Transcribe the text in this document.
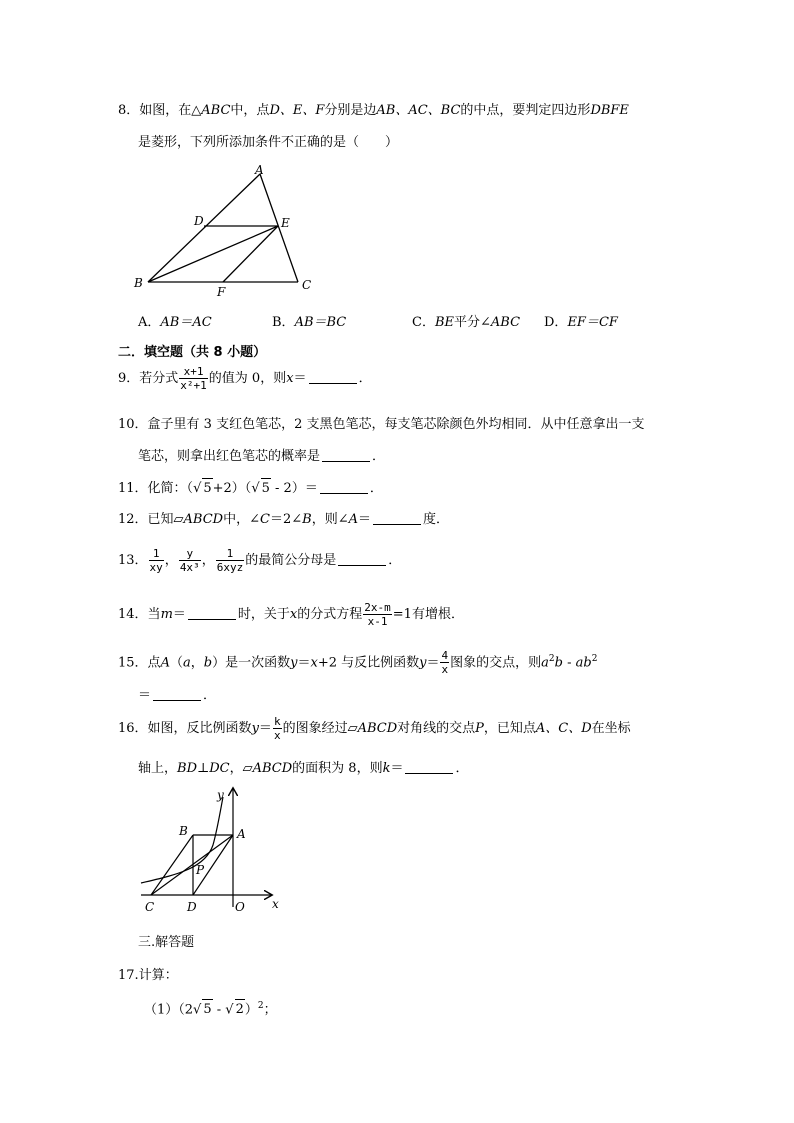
8．如图，在△ABC中，点D、E、F分别是边AB、AC、BC的中点，要判定四边形DBFE
是菱形，下列所添加条件不正确的是（　　）
A
B	C
D	E
F
A．AB＝AC	B．AB＝BC	C．BE平分∠ABC D．EF＝CF
二．填空题（共 8 小题）
9．若分式 $\frac{x+1}{\text{x²+1}}$ 的值为 0，则x＝	．
10．盒子里有 3 支红色笔芯，2 支黑色笔芯，每支笔芯除颜色外均相同．从中任意拿出一支
笔芯，则拿出红色笔芯的概率是	．
11．化简：（√ 5+2）（√ 5 - 2）＝	．
12．已知▱ABCD中，∠C＝2∠B，则∠A＝	度．
13． $\frac{1}{xy}$ ， $\frac{y}{\text{4x³}}$ ， $\frac{1}{\text{6xyz}}$ 的最简公分母是	．
14．当m＝	时，关于x的分式方程 $\frac{2x-m}{x-1} =1$有增根．
15．点A（a，b）是一次函数y＝x+2 与反比例函数$y= \frac{4}{x}$ 图象的交点，则$a^2b - ab^2$
＝	．
16．如图，反比例函数$y= \frac{k}{x}$ 的图象经过▱ABCD对角线的交点P，已知点A、C、D在坐标
轴上，BD⊥DC，▱ABCD的面积为 8，则k＝	．
y
x
B	A
P
C	D	O
三.解答题
17.计算：
（1）（2√ 5 - √ 2）$^2$；
